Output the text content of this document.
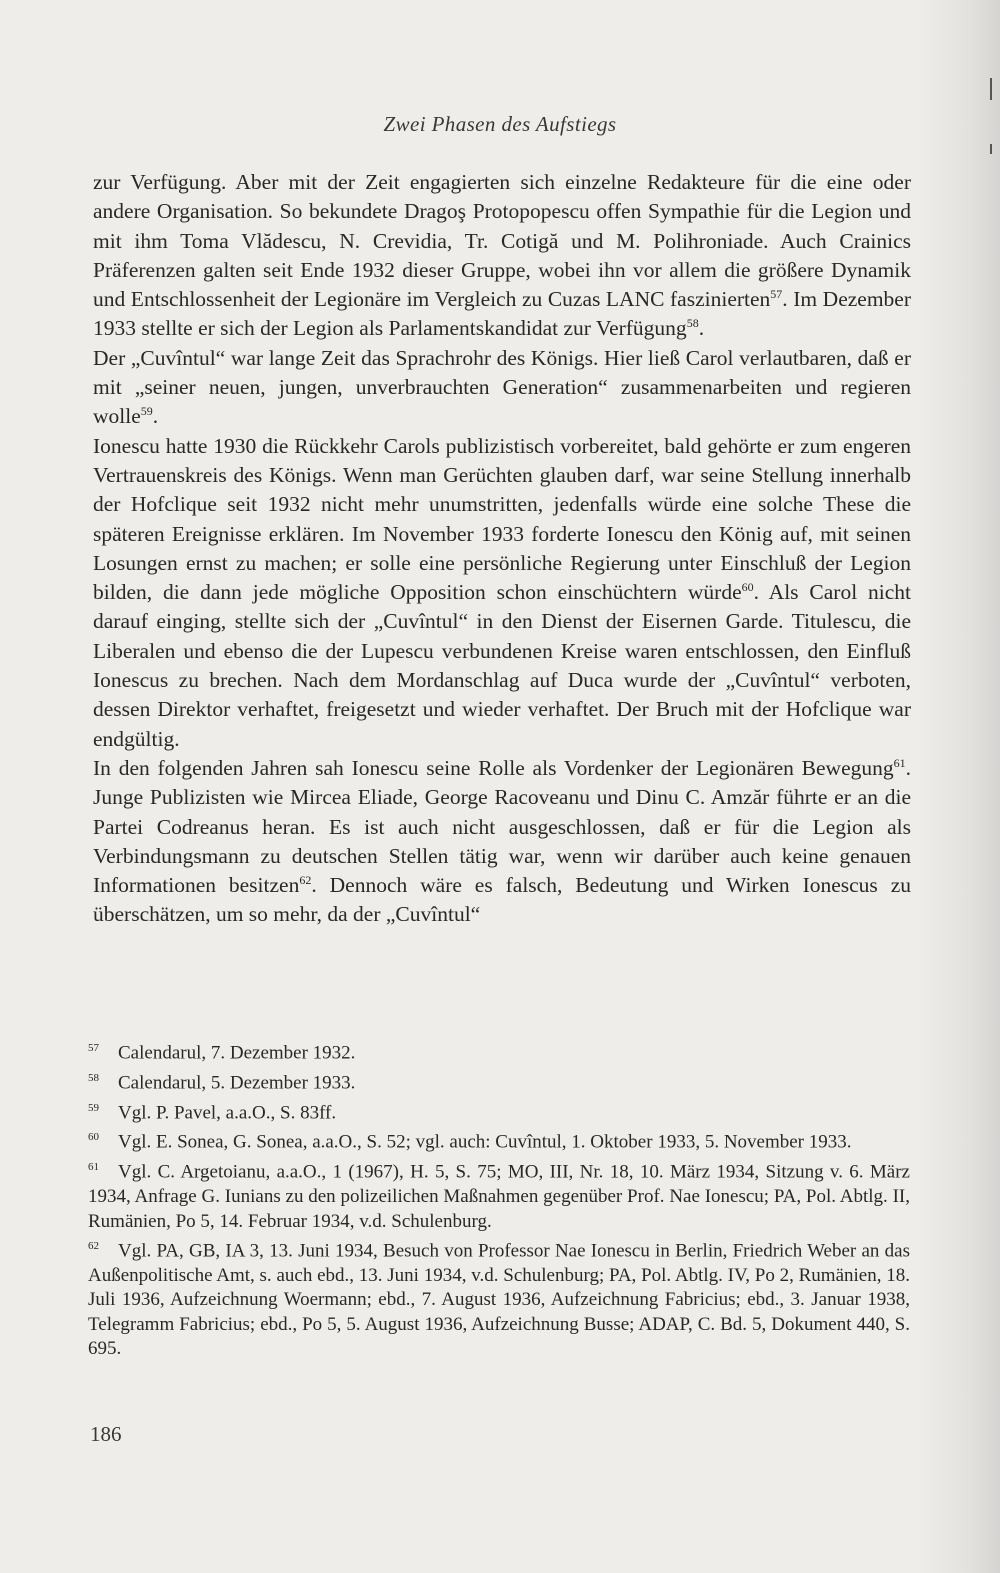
Zwei Phasen des Aufstiegs

zur Verfügung. Aber mit der Zeit engagierten sich einzelne Redakteure für die eine oder andere Organisation. So bekundete Dragoş Protopopescu offen Sympathie für die Legion und mit ihm Toma Vlădescu, N. Crevidia, Tr. Cotigă und M. Polihroniade. Auch Crainics Präferenzen galten seit Ende 1932 dieser Gruppe, wobei ihn vor allem die größere Dynamik und Entschlossenheit der Legionäre im Vergleich zu Cuzas LANC faszinierten$^{57}$. Im Dezember 1933 stellte er sich der Legion als Parlamentskandidat zur Verfügung$^{58}$.

Der „Cuvîntul“ war lange Zeit das Sprachrohr des Königs. Hier ließ Carol verlautbaren, daß er mit „seiner neuen, jungen, unverbrauchten Generation“ zusammenarbeiten und regieren wolle$^{59}$.

Ionescu hatte 1930 die Rückkehr Carols publizistisch vorbereitet, bald gehörte er zum engeren Vertrauenskreis des Königs. Wenn man Gerüchten glauben darf, war seine Stellung innerhalb der Hofclique seit 1932 nicht mehr unumstritten, jedenfalls würde eine solche These die späteren Ereignisse erklären. Im November 1933 forderte Ionescu den König auf, mit seinen Losungen ernst zu machen; er solle eine persönliche Regierung unter Einschluß der Legion bilden, die dann jede mögliche Opposition schon einschüchtern würde$^{60}$. Als Carol nicht darauf einging, stellte sich der „Cuvîntul“ in den Dienst der Eisernen Garde. Titulescu, die Liberalen und ebenso die der Lupescu verbundenen Kreise waren entschlossen, den Einfluß Ionescus zu brechen. Nach dem Mordanschlag auf Duca wurde der „Cuvîntul“ verboten, dessen Direktor verhaftet, freigesetzt und wieder verhaftet. Der Bruch mit der Hofclique war endgültig.

In den folgenden Jahren sah Ionescu seine Rolle als Vordenker der Legionären Bewegung$^{61}$. Junge Publizisten wie Mircea Eliade, George Racoveanu und Dinu C. Amzăr führte er an die Partei Codreanus heran. Es ist auch nicht ausgeschlossen, daß er für die Legion als Verbindungsmann zu deutschen Stellen tätig war, wenn wir darüber auch keine genauen Informationen besitzen$^{62}$. Dennoch wäre es falsch, Bedeutung und Wirken Ionescus zu überschätzen, um so mehr, da der „Cuvîntul“

57 Calendarul, 7. Dezember 1932.

58 Calendarul, 5. Dezember 1933.

59 Vgl. P. Pavel, a.a.O., S. 83ff.

60 Vgl. E. Sonea, G. Sonea, a.a.O., S. 52; vgl. auch: Cuvîntul, 1. Oktober 1933, 5. November 1933.

61 Vgl. C. Argetoianu, a.a.O., 1 (1967), H. 5, S. 75; MO, III, Nr. 18, 10. März 1934, Sitzung v. 6. März 1934, Anfrage G. Iunians zu den polizeilichen Maßnahmen gegenüber Prof. Nae Ionescu; PA, Pol. Abtlg. II, Rumänien, Po 5, 14. Februar 1934, v.d. Schulenburg.

62 Vgl. PA, GB, IA 3, 13. Juni 1934, Besuch von Professor Nae Ionescu in Berlin, Friedrich Weber an das Außenpolitische Amt, s. auch ebd., 13. Juni 1934, v.d. Schulenburg; PA, Pol. Abtlg. IV, Po 2, Rumänien, 18. Juli 1936, Aufzeichnung Woermann; ebd., 7. August 1936, Aufzeichnung Fabricius; ebd., 3. Januar 1938, Telegramm Fabricius; ebd., Po 5, 5. August 1936, Aufzeichnung Busse; ADAP, C. Bd. 5, Dokument 440, S. 695.

186
